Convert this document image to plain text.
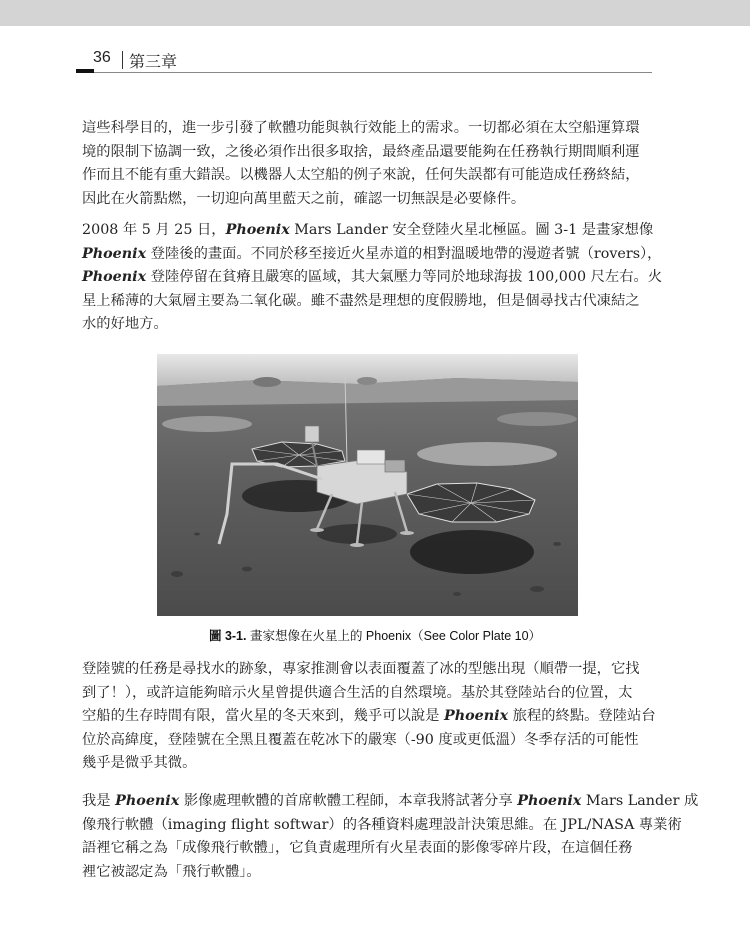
36 第三章

這些科學目的，進一步引發了軟體功能與執行效能上的需求。一切都必須在太空船運算環
境的限制下協調一致，之後必須作出很多取捨，最終產品還要能夠在任務執行期間順利運
作而且不能有重大錯誤。以機器人太空船的例子來說，任何失誤都有可能造成任務終結，
因此在火箭點燃，一切迎向萬里藍天之前，確認一切無誤是必要條件。

2008 年 5 月 25 日，Phoenix Mars Lander 安全登陸火星北極區。圖 3-1 是畫家想像
Phoenix 登陸後的畫面。不同於移至接近火星赤道的相對溫暖地帶的漫遊者號（rovers），
Phoenix 登陸停留在貧瘠且嚴寒的區域，其大氣壓力等同於地球海拔 100,000 尺左右。火
星上稀薄的大氣層主要為二氧化碳。雖不盡然是理想的度假勝地，但是個尋找古代凍結之
水的好地方。

圖 3-1. 畫家想像在火星上的 Phoenix（See Color Plate 10）

登陸號的任務是尋找水的跡象，專家推測會以表面覆蓋了冰的型態出現（順帶一提，它找
到了！），或許這能夠暗示火星曾提供適合生活的自然環境。基於其登陸站台的位置，太
空船的生存時間有限，當火星的冬天來到，幾乎可以說是 Phoenix 旅程的終點。登陸站台
位於高緯度，登陸號在全黑且覆蓋在乾冰下的嚴寒（-90 度或更低溫）冬季存活的可能性
幾乎是微乎其微。

我是 Phoenix 影像處理軟體的首席軟體工程師，本章我將試著分享 Phoenix Mars Lander 成
像飛行軟體（imaging flight softwar）的各種資料處理設計決策思維。在 JPL/NASA 專業術
語裡它稱之為「成像飛行軟體」，它負責處理所有火星表面的影像零碎片段，在這個任務
裡它被認定為「飛行軟體」。
